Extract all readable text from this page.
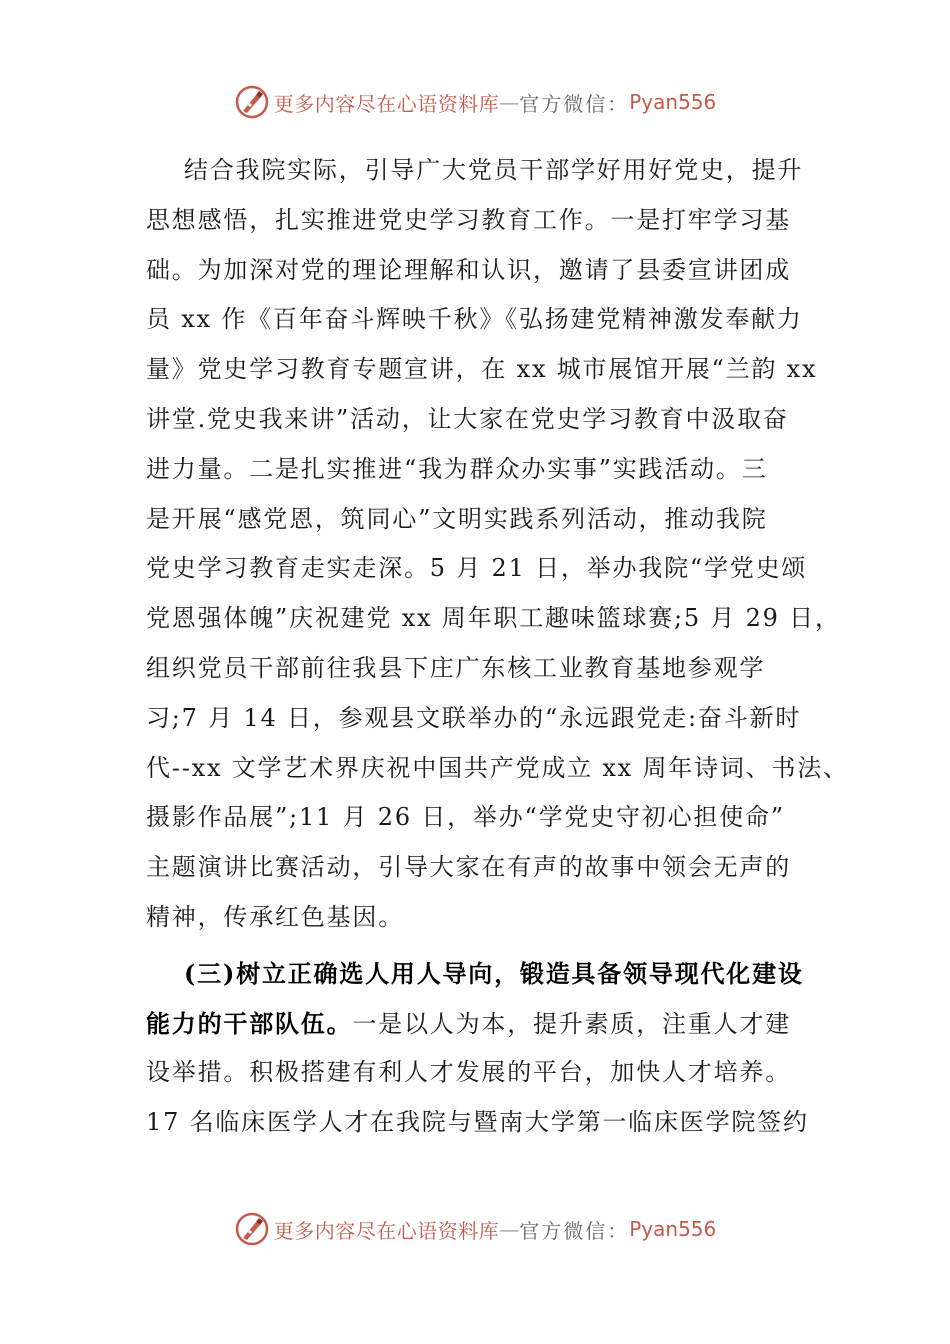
更多内容尽在心语资料库 — 官方微信： Pyan556
结合我院实际，引导广大党员干部学好用好党史，提升
思想感悟，扎实推进党史学习教育工作。一是打牢学习基
础。为加深对党的理论理解和认识，邀请了县委宣讲团成
员 xx 作《百年奋斗辉映千秋》《弘扬建党精神激发奉献力
量》党史学习教育专题宣讲，在 xx 城市展馆开展“兰韵 xx
讲堂.党史我来讲”活动，让大家在党史学习教育中汲取奋
进力量。二是扎实推进“我为群众办实事”实践活动。三
是开展“感党恩，筑同心”文明实践系列活动，推动我院
党史学习教育走实走深。5 月 21 日，举办我院“学党史颂
党恩强体魄”庆祝建党 xx 周年职工趣味篮球赛;5 月 29 日，
组织党员干部前往我县下庄广东核工业教育基地参观学
习;7 月 14 日，参观县文联举办的“永远跟党走:奋斗新时
代--xx 文学艺术界庆祝中国共产党成立 xx 周年诗词、书法、
摄影作品展”;11 月 26 日，举办“学党史守初心担使命”
主题演讲比赛活动，引导大家在有声的故事中领会无声的
精神，传承红色基因。
(三)树立正确选人用人导向，锻造具备领导现代化建设
能力的干部队伍。一是以人为本，提升素质，注重人才建
设举措。积极搭建有利人才发展的平台，加快人才培养。
17 名临床医学人才在我院与暨南大学第一临床医学院签约
更多内容尽在心语资料库 — 官方微信： Pyan556
